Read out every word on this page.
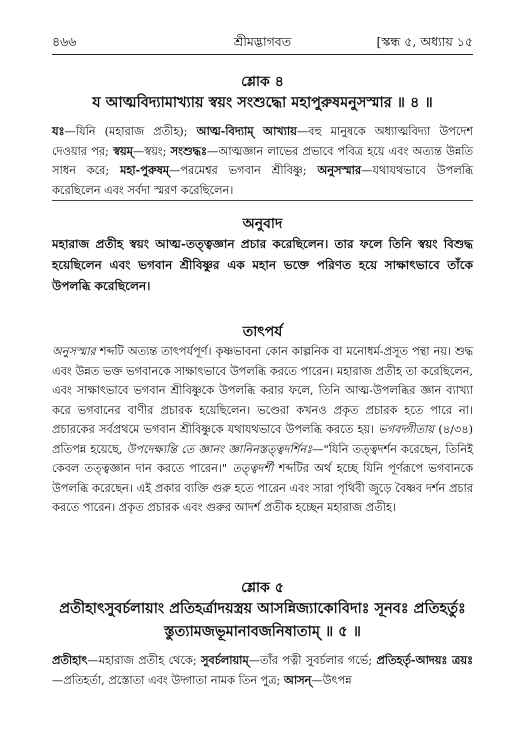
৪৬৬	শ্রীমদ্ভাগবত	[স্কন্ধ ৫, অধ্যায় ১৫
শ্লোক ৪
য আত্মবিদ্যামাখ্যায় স্বয়ং সংশুদ্ধো মহাপুরুষমনুসস্মার ॥ ৪ ॥
যঃ—যিনি (মহারাজ প্রতীহ); আত্ম-বিদ্যাম্ আখ্যায়—বহু মানুষকে অধ্যাত্মবিদ্যা উপদেশ দেওয়ার পর; স্বয়ম্—স্বয়ং; সংশুদ্ধঃ—আত্মজ্ঞান লাভের প্রভাবে পবিত্র হয়ে এবং অত্যন্ত উন্নতি সাধন করে; মহা-পুরুষম্—পরমেশ্বর ভগবান শ্রীবিষ্ণু; অনুসস্মার—যথাযথভাবে উপলব্ধি করেছিলেন এবং সর্বদা স্মরণ করেছিলেন।
অনুবাদ
মহারাজ প্রতীহ স্বয়ং আত্ম-তত্ত্বজ্ঞান প্রচার করেছিলেন। তার ফলে তিনি স্বয়ং বিশুদ্ধ হয়েছিলেন এবং ভগবান শ্রীবিষ্ণুর এক মহান ভক্তে পরিণত হয়ে সাক্ষাৎভাবে তাঁকে উপলব্ধি করেছিলেন।
তাৎপর্য
অনুসস্মার শব্দটি অত্যন্ত তাৎপর্যপূর্ণ। কৃষ্ণভাবনা কোন কাল্পনিক বা মনোধর্ম-প্রসূত পন্থা নয়। শুদ্ধ এবং উন্নত ভক্ত ভগবানকে সাক্ষাৎভাবে উপলব্ধি করতে পারেন। মহারাজ প্রতীহ তা করেছিলেন, এবং সাক্ষাৎভাবে ভগবান শ্রীবিষ্ণুকে উপলব্ধি করার ফলে, তিনি আত্ম-উপলব্ধির জ্ঞান ব্যাখ্যা করে ভগবানের বাণীর প্রচারক হয়েছিলেন। ভণ্ডেরা কখনও প্রকৃত প্রচারক হতে পারে না। প্রচারকের সর্বপ্রথমে ভগবান শ্রীবিষ্ণুকে যথাযথভাবে উপলব্ধি করতে হয়। ভগবদ্গীতায় (৪/৩৪) প্রতিপন্ন হয়েছে, উপদেক্ষ্যন্তি তে জ্ঞানং জ্ঞানিনস্তত্ত্বদর্শিনঃ—"যিনি তত্ত্বদর্শন করেছেন, তিনিই কেবল তত্ত্বজ্ঞান দান করতে পারেন।" তত্ত্বদর্শী শব্দটির অর্থ হচ্ছে যিনি পূর্ণরূপে ভগবানকে উপলব্ধি করেছেন। এই প্রকার ব্যক্তি গুরু হতে পারেন এবং সারা পৃথিবী জুড়ে বৈষ্ণব দর্শন প্রচার করতে পারেন। প্রকৃত প্রচারক এবং গুরুর আদর্শ প্রতীক হচ্ছেন মহারাজ প্রতীহ।
শ্লোক ৫
প্রতীহাৎসুবর্চলায়াং প্রতিহর্ত্রাদয়স্ত্রয় আসন্নিজ্যাকোবিদাঃ সূনবঃ প্রতিহর্তুঃ
স্তুত্যামজভূমানাবজনিষাতাম্ ॥ ৫ ॥
প্রতীহাৎ—মহারাজ প্রতীহ থেকে; সুবর্চলায়াম্—তাঁর পত্নী সুবর্চলার গর্ভে; প্রতিহর্তৃ-আদয়ঃ ত্রয়ঃ—প্রতিহর্তা, প্রস্তোতা এবং উদ্গাতা নামক তিন পুত্র; আসন্—উৎপন্ন
